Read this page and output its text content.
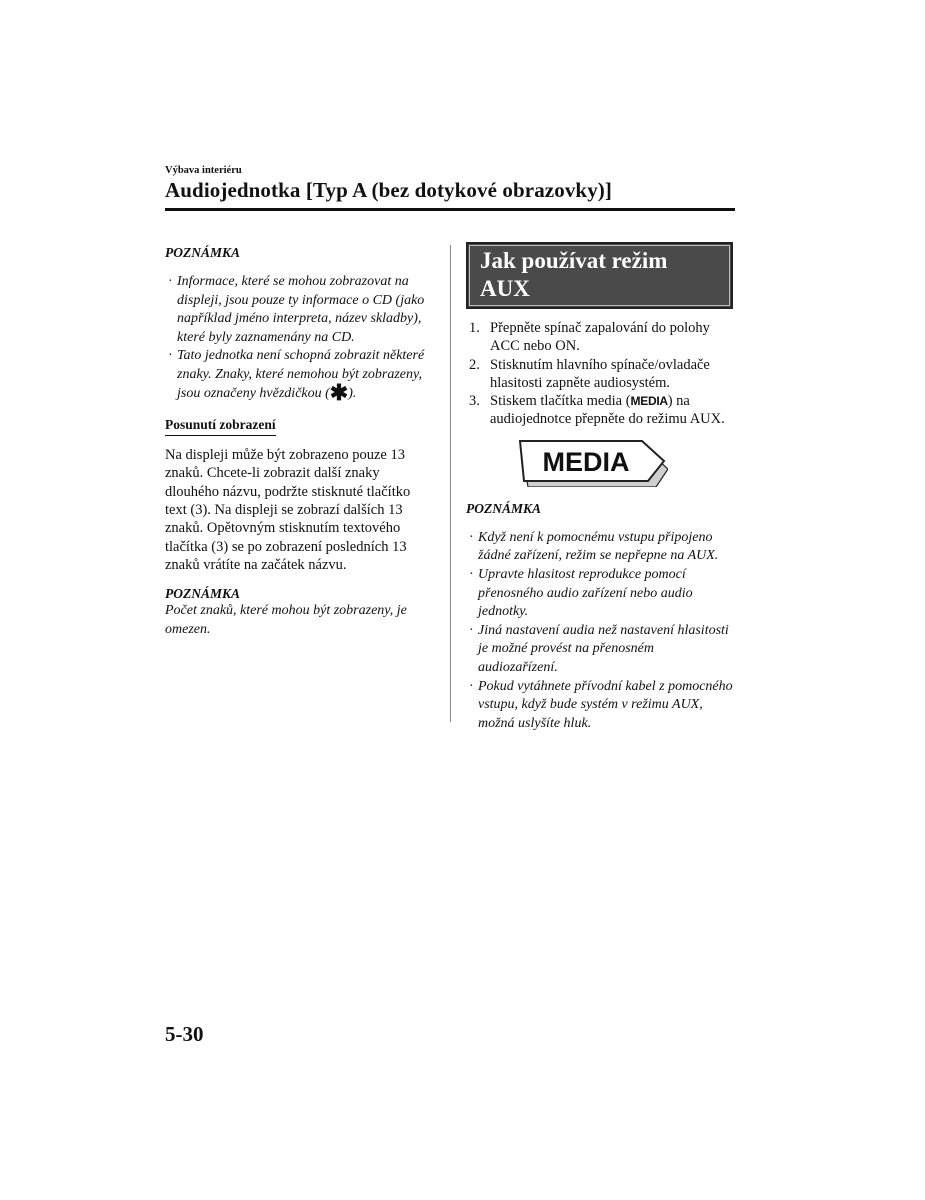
Výbava interiéru
Audiojednotka [Typ A (bez dotykové obrazovky)]
POZNÁMKA
· Informace, které se mohou zobrazovat na displeji, jsou pouze ty informace o CD (jako například jméno interpreta, název skladby), které byly zaznamenány na CD.
· Tato jednotka není schopná zobrazit některé znaky. Znaky, které nemohou být zobrazeny, jsou označeny hvězdičkou (✱).
Posunutí zobrazení
Na displeji může být zobrazeno pouze 13 znaků. Chcete-li zobrazit další znaky dlouhého názvu, podržte stisknuté tlačítko text (3). Na displeji se zobrazí dalších 13 znaků. Opětovným stisknutím textového tlačítka (3) se po zobrazení posledních 13 znaků vrátíte na začátek názvu.
POZNÁMKA
Počet znaků, které mohou být zobrazeny, je omezen.
Jak používat režim AUX
1. Přepněte spínač zapalování do polohy ACC nebo ON.
2. Stisknutím hlavního spínače/ovladače hlasitosti zapněte audiosystém.
3. Stiskem tlačítka media (MEDIA) na audiojednotce přepněte do režimu AUX.
MEDIA
POZNÁMKA
· Když není k pomocnému vstupu připojeno žádné zařízení, režim se nepřepne na AUX.
· Upravte hlasitost reprodukce pomocí přenosného audio zařízení nebo audio jednotky.
· Jiná nastavení audia než nastavení hlasitosti je možné provést na přenosném audiozařízení.
· Pokud vytáhnete přívodní kabel z pomocného vstupu, když bude systém v režimu AUX, možná uslyšíte hluk.
5-30
